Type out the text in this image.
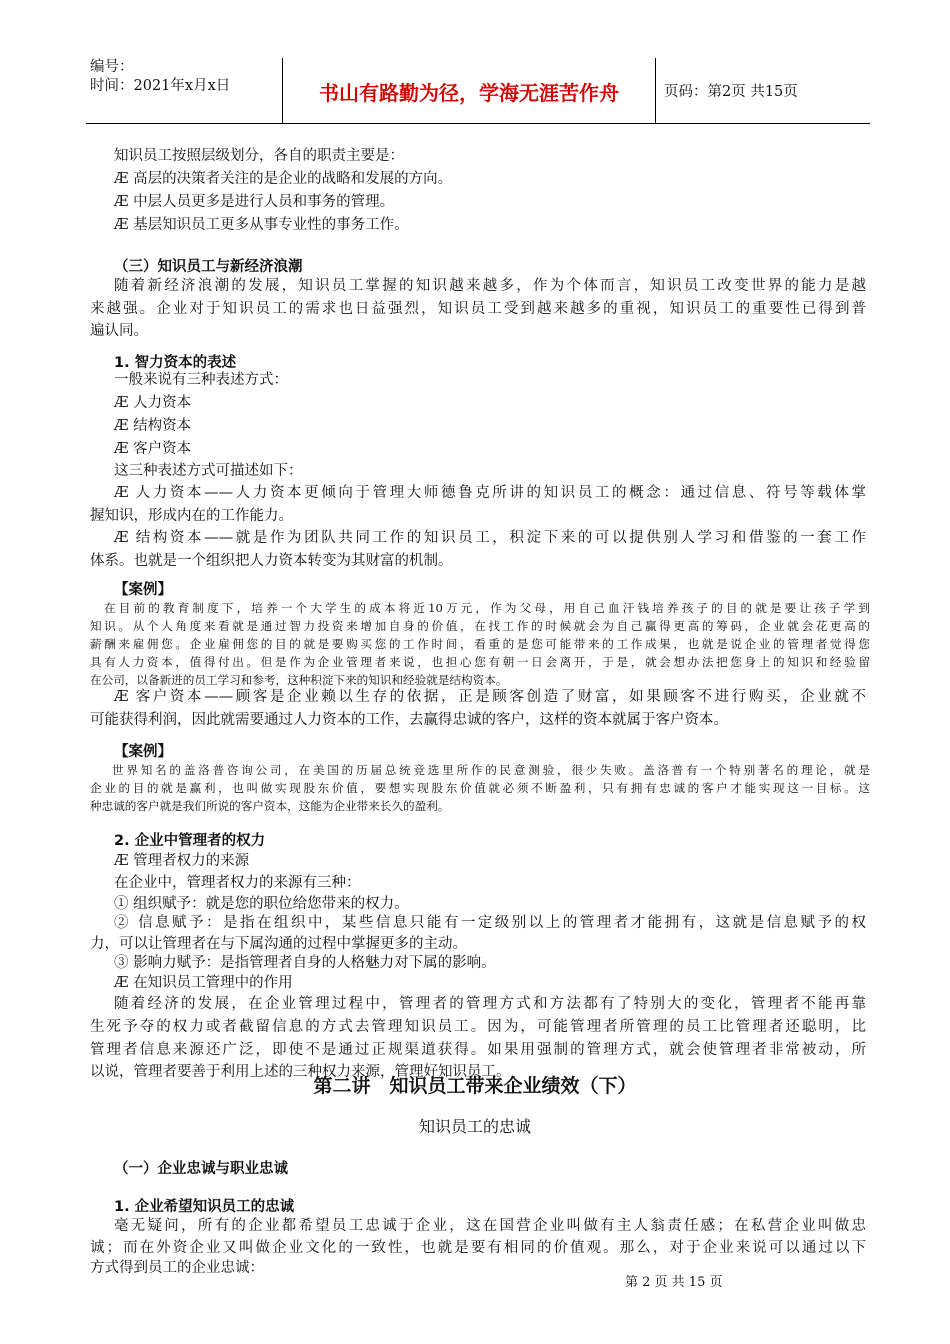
编号：
时间：2021年x月x日	书山有路勤为径，学海无涯苦作舟	页码：第2页 共15页
知识员工按照层级划分，各自的职责主要是：
Æ 高层的决策者关注的是企业的战略和发展的方向。
Æ 中层人员更多是进行人员和事务的管理。
Æ 基层知识员工更多从事专业性的事务工作。
（三）知识员工与新经济浪潮
随着新经济浪潮的发展，知识员工掌握的知识越来越多，作为个体而言，知识员工改变世界的能力是越
来越强。企业对于知识员工的需求也日益强烈，知识员工受到越来越多的重视，知识员工的重要性已得到普
遍认同。
1. 智力资本的表述
一般来说有三种表述方式：
Æ 人力资本
Æ 结构资本
Æ 客户资本
这三种表述方式可描述如下：
Æ 人力资本——人力资本更倾向于管理大师德鲁克所讲的知识员工的概念：通过信息、符号等载体掌
握知识，形成内在的工作能力。
Æ 结构资本——就是作为团队共同工作的知识员工，积淀下来的可以提供别人学习和借鉴的一套工作
体系。也就是一个组织把人力资本转变为其财富的机制。
【案例】
在目前的教育制度下，培养一个大学生的成本将近10万元，作为父母，用自己血汗钱培养孩子的目的就是要让孩子学到
知识。从个人角度来看就是通过智力投资来增加自身的价值，在找工作的时候就会为自己赢得更高的筹码，企业就会花更高的
薪酬来雇佣您。企业雇佣您的目的就是要购买您的工作时间，看重的是您可能带来的工作成果，也就是说企业的管理者觉得您
具有人力资本，值得付出。但是作为企业管理者来说，也担心您有朝一日会离开，于是，就会想办法把您身上的知识和经验留
在公司，以备新进的员工学习和参考，这种积淀下来的知识和经验就是结构资本。
Æ 客户资本——顾客是企业赖以生存的依据，正是顾客创造了财富，如果顾客不进行购买，企业就不
可能获得利润，因此就需要通过人力资本的工作，去赢得忠诚的客户，这样的资本就属于客户资本。
【案例】
世界知名的盖洛普咨询公司，在美国的历届总统竞选里所作的民意测验，很少失败。盖洛普有一个特别著名的理论，就是
企业的目的就是赢利，也叫做实现股东价值，要想实现股东价值就必须不断盈利，只有拥有忠诚的客户才能实现这一目标。这
种忠诚的客户就是我们所说的客户资本，这能为企业带来长久的盈利。
2. 企业中管理者的权力
Æ 管理者权力的来源
在企业中，管理者权力的来源有三种：
① 组织赋予：就是您的职位给您带来的权力。
② 信息赋予：是指在组织中，某些信息只能有一定级别以上的管理者才能拥有，这就是信息赋予的权
力，可以让管理者在与下属沟通的过程中掌握更多的主动。
③ 影响力赋予：是指管理者自身的人格魅力对下属的影响。
Æ 在知识员工管理中的作用
随着经济的发展，在企业管理过程中，管理者的管理方式和方法都有了特别大的变化，管理者不能再靠
生死予夺的权力或者截留信息的方式去管理知识员工。因为，可能管理者所管理的员工比管理者还聪明，比
管理者信息来源还广泛，即使不是通过正规渠道获得。如果用强制的管理方式，就会使管理者非常被动，所
以说，管理者要善于利用上述的三种权力来源，管理好知识员工。
第二讲　知识员工带来企业绩效（下）
知识员工的忠诚
（一）企业忠诚与职业忠诚
1. 企业希望知识员工的忠诚
毫无疑问，所有的企业都希望员工忠诚于企业，这在国营企业叫做有主人翁责任感；在私营企业叫做忠
诚；而在外资企业又叫做企业文化的一致性，也就是要有相同的价值观。那么，对于企业来说可以通过以下
方式得到员工的企业忠诚：
第 2 页 共 15 页
